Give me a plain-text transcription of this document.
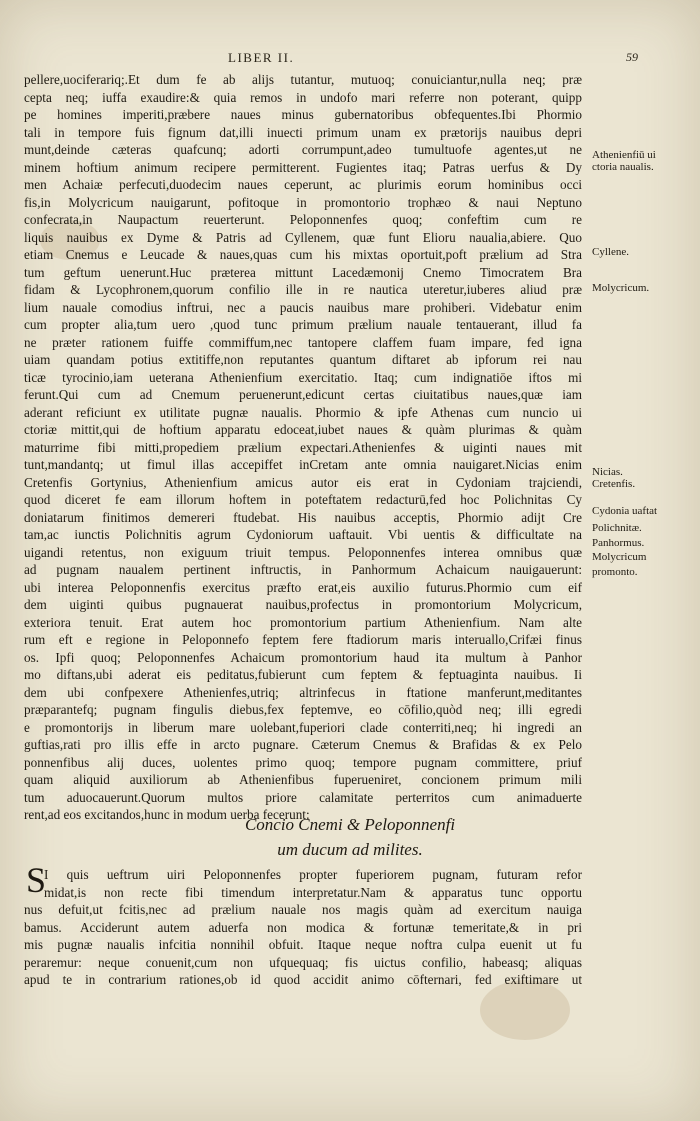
LIBER II.	59
pellere,uociferariq;.Et dum fe ab alijs tutantur, mutuoq; conuiciantur,nulla neq; præ
cepta neq; iuffa exaudire:& quia remos in undofo mari referre non poterant, quipp
pe homines imperiti,præbere naues minus gubernatoribus obfequentes.Ibi Phormio
tali in tempore fuis fignum dat,illi inuecti primum unam ex prætorijs nauibus depri
munt,deinde cæteras quafcunq; adorti corrumpunt,adeo tumultuofe agentes,ut ne
minem hoftium animum recipere permitterent. Fugientes itaq; Patras uerfus & Dy
men Achaiæ perfecuti,duodecim naues ceperunt, ac plurimis eorum hominibus occi
fis,in Molycricum nauigarunt, pofitoque in promontorio trophæo & naui Neptuno
confecrata,in Naupactum reuerterunt. Peloponnenfes quoq; confeftim cum re
liquis nauibus ex Dyme & Patris ad Cyllenem, quæ funt Elioru naualia,abiere. Quo
etiam Cnemus e Leucade & naues,quas cum his mixtas oportuit,poft prælium ad Stra
tum geftum uenerunt.Huc præterea mittunt Lacedæmonij Cnemo Timocratem Bra
fidam & Lycophronem,quorum confilio ille in re nautica uteretur,iuberes aliud præ
lium nauale comodius inftrui, nec a paucis nauibus mare prohiberi. Videbatur enim
cum propter alia,tum uero ,quod tunc primum prælium nauale tentauerant, illud fa
ne præter rationem fuiffe commiffum,nec tantopere claffem fuam impare, fed igna
uiam quandam potius extitiffe,non reputantes quantum diftaret ab ipforum rei nau
ticæ tyrocinio,iam ueterana Athenienfium exercitatio. Itaq; cum indignatiōe iftos mi
ferunt.Qui cum ad Cnemum peruenerunt,edicunt certas ciuitatibus naues,quæ iam
aderant reficiunt ex utilitate pugnæ naualis. Phormio & ipfe Athenas cum nuncio ui
ctoriæ mittit,qui de hoftium apparatu edoceat,iubet naues & quàm plurimas & quàm
maturrime fibi mitti,propediem prælium expectari.Athenienfes & uiginti naues mit
tunt,mandantq; ut fimul illas accepiffet inCretam ante omnia nauigaret.Nicias enim
Cretenfis Gortynius, Athenienfium amicus autor eis erat in Cydoniam trajciendi,
quod diceret fe eam illorum hoftem in poteftatem redacturū,fed hoc Polichnitas Cy
doniatarum finitimos demereri ftudebat. His nauibus acceptis, Phormio adijt Cre
tam,ac iunctis Polichnitis agrum Cydoniorum uaftauit. Vbi uentis & difficultate na
uigandi retentus, non exiguum triuit tempus. Peloponnenfes interea omnibus quæ
ad pugnam naualem pertinent inftructis, in Panhormum Achaicum nauigauerunt:
ubi interea Peloponnenfis exercitus præfto erat,eis auxilio futurus.Phormio cum eif
dem uiginti quibus pugnauerat nauibus,profectus in promontorium Molycricum,
exteriora tenuit. Erat autem hoc promontorium partium Athenienfium. Nam alte
rum eft e regione in Peloponnefo feptem fere ftadiorum maris interuallo,Crifæi finus
os. Ipfi quoq; Peloponnenfes Achaicum promontorium haud ita multum à Panhor
mo diftans,ubi aderat eis peditatus,fubierunt cum feptem & feptuaginta nauibus. Ii
dem ubi confpexere Athenienfes,utriq; altrinfecus in ftatione manferunt,meditantes
præparantefq; pugnam fingulis diebus,fex feptemve, eo cōfilio,quòd neq; illi egredi
e promontorijs in liberum mare uolebant,fuperiori clade conterriti,neq; hi ingredi an
guftias,rati pro illis effe in arcto pugnare. Cæterum Cnemus & Brafidas & ex Pelo
ponnenfibus alij duces, uolentes primo quoq; tempore pugnam committere, priuf
quam aliquid auxiliorum ab Athenienfibus fuperueniret, concionem primum mili
tum aduocauerunt.Quorum multos priore calamitate perterritos cum animaduerte
rent,ad eos excitandos,hunc in modum uerba fecerunt:
Athenienfiū ui
ctoria naualis.
Cyllene.
Molycricum.
Nicias.
Cretenfis.
Cydonia uaftat
Polichnitæ.
Panhormus.
Molycricum
promonto.
Concio Cnemi & Peloponnenfi
um ducum ad milites.
S
I quis ueftrum uiri Peloponnenfes propter fuperiorem pugnam, futuram refor
midat,is non recte fibi timendum interpretatur.Nam & apparatus tunc opportu
nus defuit,ut fcitis,nec ad prælium nauale nos magis quàm ad exercitum nauiga
bamus. Acciderunt autem aduerfa non modica & fortunæ temeritate,& in pri
mis pugnæ naualis infcitia nonnihil obfuit. Itaque neque noftra culpa euenit ut fu
peraremur: neque conuenit,cum non ufquequaq; fis uictus confilio, habeasq; aliquas
apud te in contrarium rationes,ob id quod accidit animo cōfternari, fed exiftimare ut
